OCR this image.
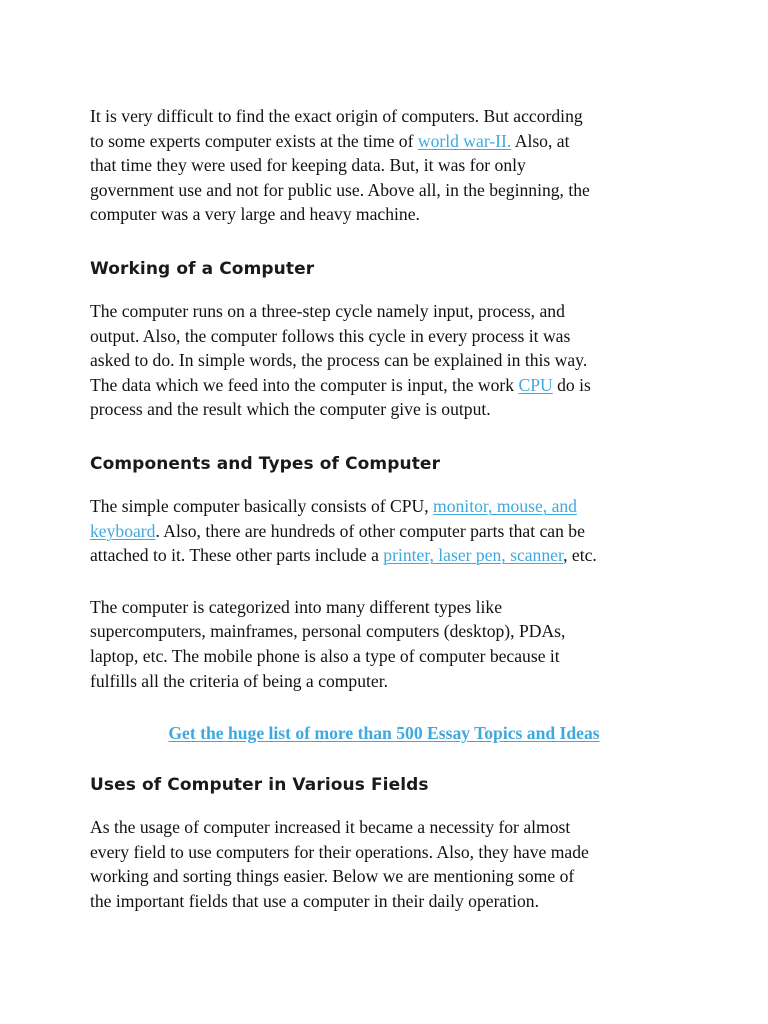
It is very difficult to find the exact origin of computers. But according
to some experts computer exists at the time of world war-II. Also, at
that time they were used for keeping data. But, it was for only
government use and not for public use. Above all, in the beginning, the
computer was a very large and heavy machine.

Working of a Computer

The computer runs on a three-step cycle namely input, process, and
output. Also, the computer follows this cycle in every process it was
asked to do. In simple words, the process can be explained in this way.
The data which we feed into the computer is input, the work CPU do is
process and the result which the computer give is output.

Components and Types of Computer

The simple computer basically consists of CPU, monitor, mouse, and
keyboard. Also, there are hundreds of other computer parts that can be
attached to it. These other parts include a printer, laser pen, scanner, etc.

The computer is categorized into many different types like
supercomputers, mainframes, personal computers (desktop), PDAs,
laptop, etc. The mobile phone is also a type of computer because it
fulfills all the criteria of being a computer.

Get the huge list of more than 500 Essay Topics and Ideas

Uses of Computer in Various Fields

As the usage of computer increased it became a necessity for almost
every field to use computers for their operations. Also, they have made
working and sorting things easier. Below we are mentioning some of
the important fields that use a computer in their daily operation.
